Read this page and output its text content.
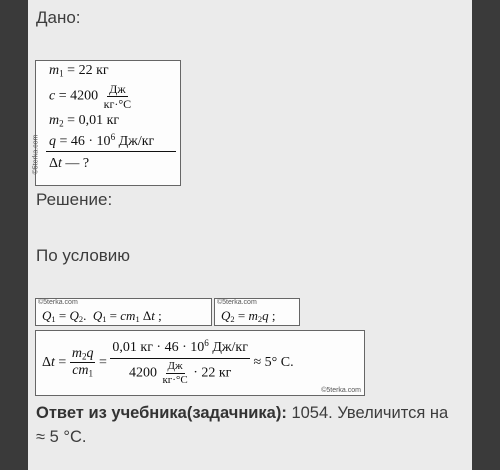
Дано:
©5terka.com
$m_1 = 22$ кг
$c = 4200 \frac{Дж}{кг\cdot^\circ C}$
$m_2 = 0,01$ кг
$q = 46 \cdot 10^6$ Дж/кг
Δt — ?
Решение:
По условию
©5terka.com
$Q_1 = Q_2$.  $Q_1 = cm_1$ Δt ;
©5terka.com
$Q_2 = m_2q$ ;
©5terka.com
$\Delta t = \frac{m_2q}{cm_1} = \frac{0,01 кг \cdot 46 \cdot 10^6 Дж/кг}{4200 \frac{Дж}{кг\cdot^\circ C} \cdot 22 кг} \approx 5^\circ$ C.
Ответ из учебника(задачника): 1054. Увеличится на ≈ 5 °C.
